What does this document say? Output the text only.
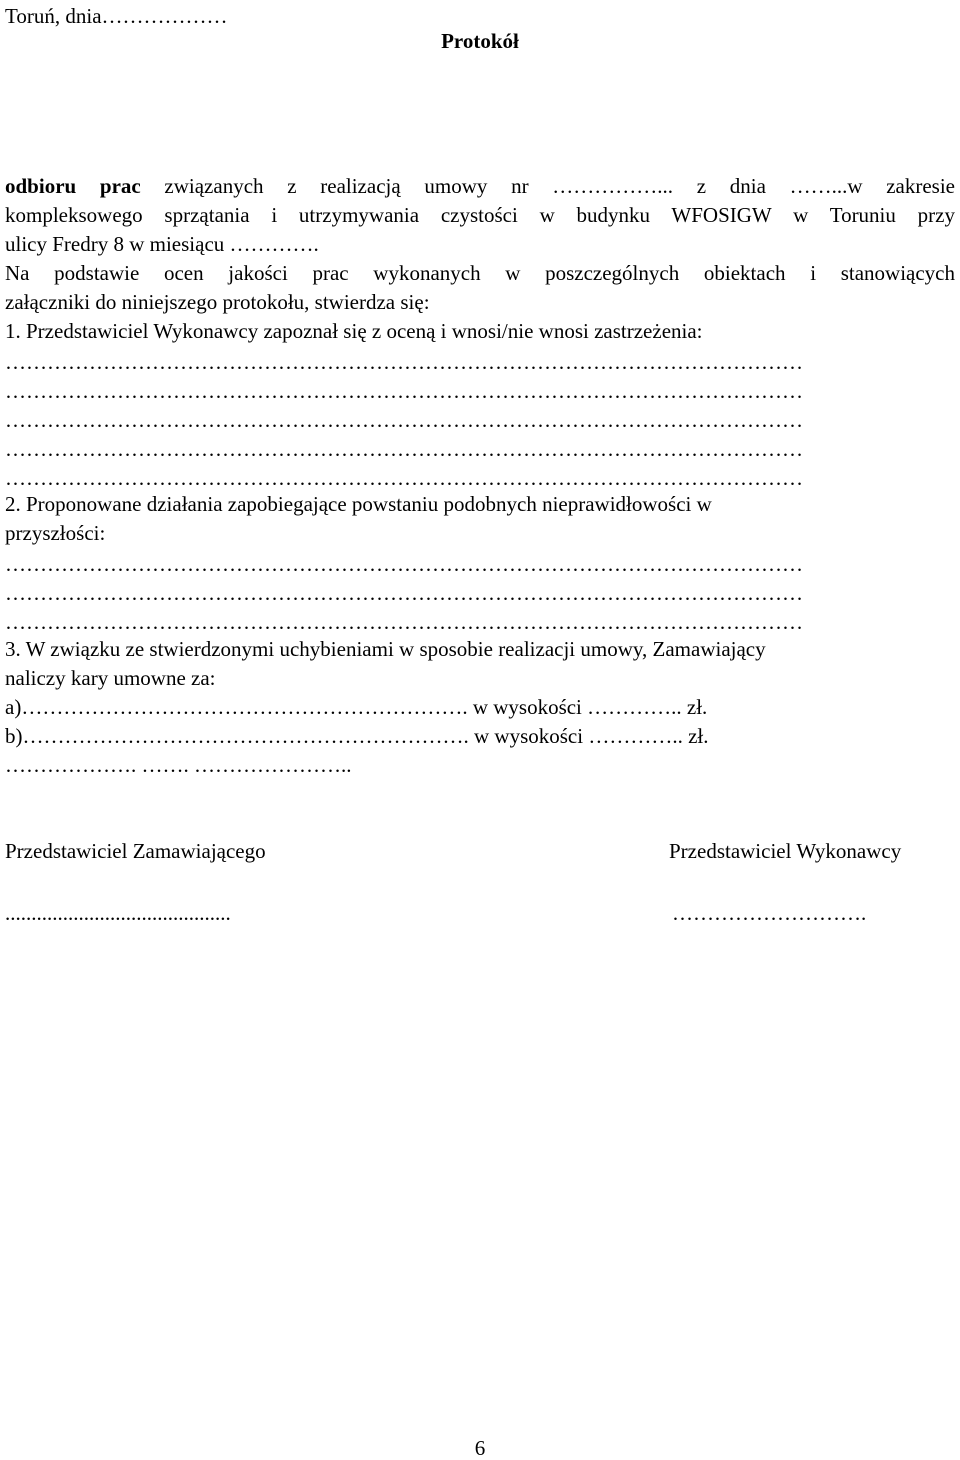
Toruń, dnia………………
Protokół
odbioru prac związanych z realizacją umowy nr ……………... z dnia ……...w zakresie
kompleksowego sprzątania i utrzymywania czystości w budynku WFOSIGW w Toruniu przy
ulicy Fredry 8 w miesiącu ………….
Na podstawie ocen jakości prac wykonanych w poszczególnych obiektach i stanowiących
załączniki do niniejszego protokołu, stwierdza się:
1. Przedstawiciel Wykonawcy zapoznał się z oceną i wnosi/nie wnosi zastrzeżenia:
……………………………………………………………………………………………………
……………………………………………………………………………………………………
……………………………………………………………………………………………………
……………………………………………………………………………………………………
……………………………………………………………………………………………………
2. Proponowane działania zapobiegające powstaniu podobnych nieprawidłowości w
przyszłości:
……………………………………………………………………………………………………
……………………………………………………………………………………………………
……………………………………………………………………………………………………
3. W związku ze stwierdzonymi uchybieniami w sposobie realizacji umowy, Zamawiający
naliczy kary umowne za:
a)………………………………………………………. w wysokości ………….. zł.
b)………………………………………………………. w wysokości ………….. zł.
………………. ……. …………………..
Przedstawiciel Zamawiającego	Przedstawiciel Wykonawcy
...........................................	……………………….
6
